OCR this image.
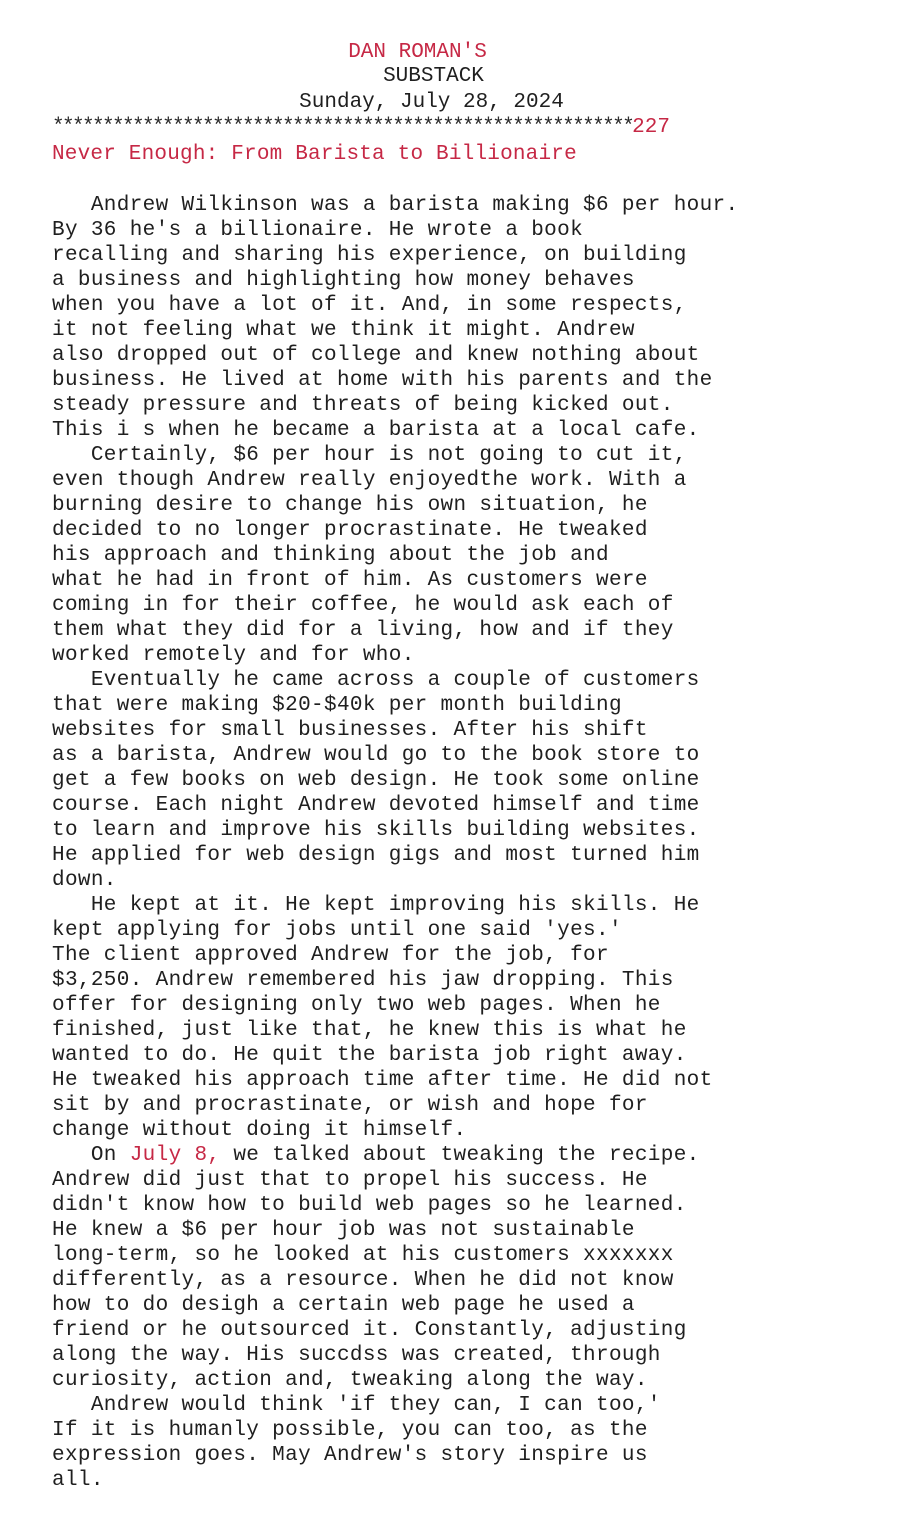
DAN ROMAN'S
SUBSTACK
Sunday, July 28, 2024
**********************************************************227
Never Enough: From Barista to Billionaire
Andrew Wilkinson was a barista making $6 per hour.
By 36 he's a billionaire. He wrote a book
recalling and sharing his experience, on building
a business and highlighting how money behaves
when you have a lot of it. And, in some respects,
it not feeling what we think it might. Andrew
also dropped out of college and knew nothing about
business. He lived at home with his parents and the
steady pressure and threats of being kicked out.
This i s when he became a barista at a local cafe.
Certainly, $6 per hour is not going to cut it,
even though Andrew really enjoyedthe work. With a
burning desire to change his own situation, he
decided to no longer procrastinate. He tweaked
his approach and thinking about the job and
what he had in front of him. As customers were
coming in for their coffee, he would ask each of
them what they did for a living, how and if they
worked remotely and for who.
Eventually he came across a couple of customers
that were making $20-$40k per month building
websites for small businesses. After his shift
as a barista, Andrew would go to the book store to
get a few books on web design. He took some online
course. Each night Andrew devoted himself and time
to learn and improve his skills building websites.
He applied for web design gigs and most turned him
down.
He kept at it. He kept improving his skills. He
kept applying for jobs until one said 'yes.'
The client approved Andrew for the job, for
$3,250. Andrew remembered his jaw dropping. This
offer for designing only two web pages. When he
finished, just like that, he knew this is what he
wanted to do. He quit the barista job right away.
He tweaked his approach time after time. He did not
sit by and procrastinate, or wish and hope for
change without doing it himself.
On July 8, we talked about tweaking the recipe.
Andrew did just that to propel his success. He
didn't know how to build web pages so he learned.
He knew a $6 per hour job was not sustainable
long-term, so he looked at his customers xxxxxxx
differently, as a resource. When he did not know
how to do desigh a certain web page he used a
friend or he outsourced it. Constantly, adjusting
along the way. His succdss was created, through
curiosity, action and, tweaking along the way.
Andrew would think 'if they can, I can too,'
If it is humanly possible, you can too, as the
expression goes. May Andrew's story inspire us
all.
